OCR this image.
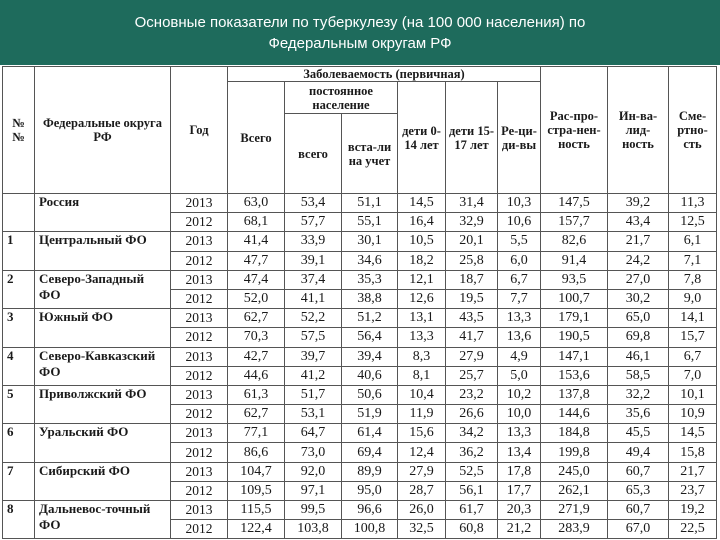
Основные показатели по туберкулезу (на 100 000 населения) по
Федеральным округам РФ
№ №	Федеральные округа РФ	Год	Заболеваемость (первичная)						Рас-про-стра-нен-ность	Ин-ва-лид-ность	Сме-ртно-сть
			Всего	постоянное население		дети 0-14 лет	дети 15-17 лет	Ре-ци-ди-вы			
				всего	вста-ли на учет						

	Россия	2013	63,0	53,4	51,1	14,5	31,4	10,3	147,5	39,2	11,3
		2012	68,1	57,7	55,1	16,4	32,9	10,6	157,7	43,4	12,5
1	Центральный ФО	2013	41,4	33,9	30,1	10,5	20,1	5,5	82,6	21,7	6,1
		2012	47,7	39,1	34,6	18,2	25,8	6,0	91,4	24,2	7,1
2	Северо-Западный ФО	2013	47,4	37,4	35,3	12,1	18,7	6,7	93,5	27,0	7,8
		2012	52,0	41,1	38,8	12,6	19,5	7,7	100,7	30,2	9,0
3	Южный ФО	2013	62,7	52,2	51,2	13,1	43,5	13,3	179,1	65,0	14,1
		2012	70,3	57,5	56,4	13,3	41,7	13,6	190,5	69,8	15,7
4	Северо-Кавказский ФО	2013	42,7	39,7	39,4	8,3	27,9	4,9	147,1	46,1	6,7
		2012	44,6	41,2	40,6	8,1	25,7	5,0	153,6	58,5	7,0
5	Приволжский ФО	2013	61,3	51,7	50,6	10,4	23,2	10,2	137,8	32,2	10,1
		2012	62,7	53,1	51,9	11,9	26,6	10,0	144,6	35,6	10,9
6	Уральский ФО	2013	77,1	64,7	61,4	15,6	34,2	13,3	184,8	45,5	14,5
		2012	86,6	73,0	69,4	12,4	36,2	13,4	199,8	49,4	15,8
7	Сибирский ФО	2013	104,7	92,0	89,9	27,9	52,5	17,8	245,0	60,7	21,7
		2012	109,5	97,1	95,0	28,7	56,1	17,7	262,1	65,3	23,7
8	Дальневос-точный ФО	2013	115,5	99,5	96,6	26,0	61,7	20,3	271,9	60,7	19,2
		2012	122,4	103,8	100,8	32,5	60,8	21,2	283,9	67,0	22,5
